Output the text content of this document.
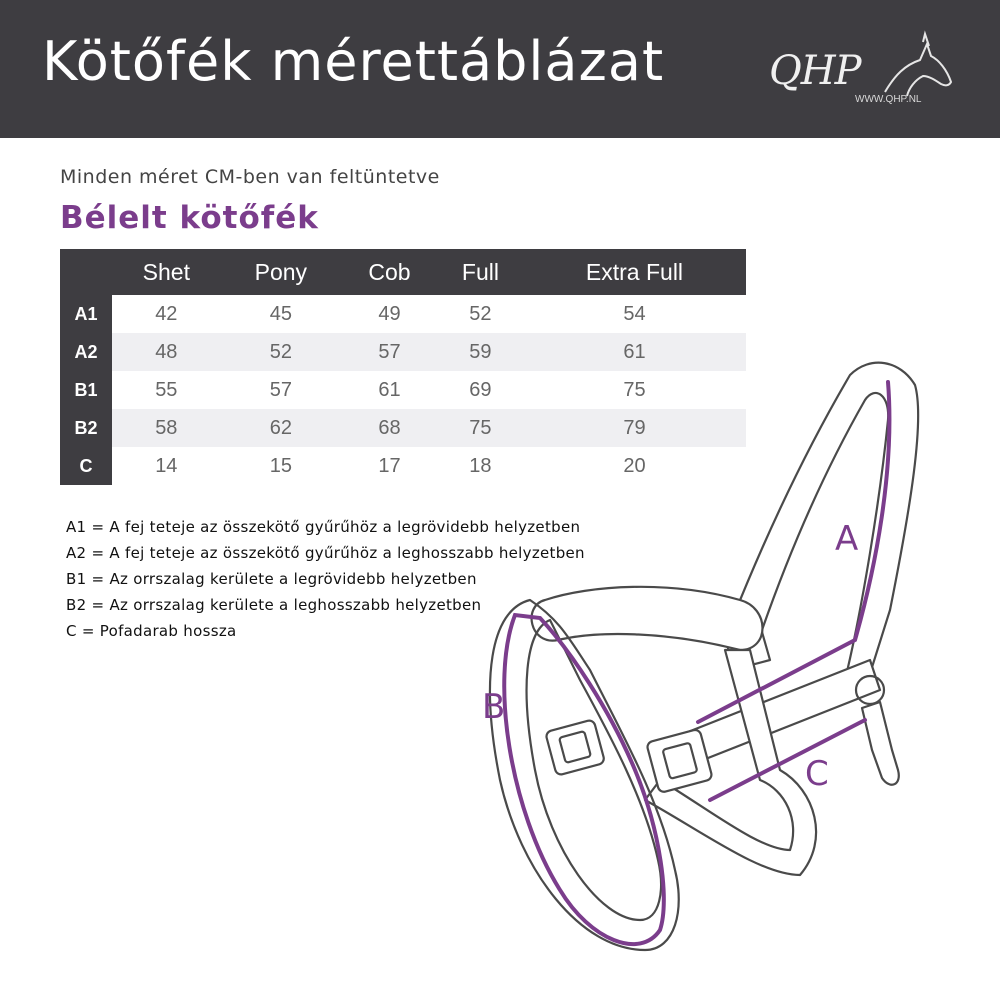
Kötőfék mérettáblázat	QHP
WWW.QHP.NL
Minden méret CM-ben van feltüntetve
Bélelt kötőfék
	Shet	Pony	Cob	Full	Extra Full
A1	42	45	49	52	54
A2	48	52	57	59	61
B1	55	57	61	69	75
B2	58	62	68	75	79
C	14	15	17	18	20
A1 = A fej teteje az összekötő gyűrűhöz a legrövidebb helyzetben
A2 = A fej teteje az összekötő gyűrűhöz a leghosszabb helyzetben
B1 = Az orrszalag kerülete a legrövidebb helyzetben
B2 = Az orrszalag kerülete a leghosszabb helyzetben
C = Pofadarab hossza
A
B
C
